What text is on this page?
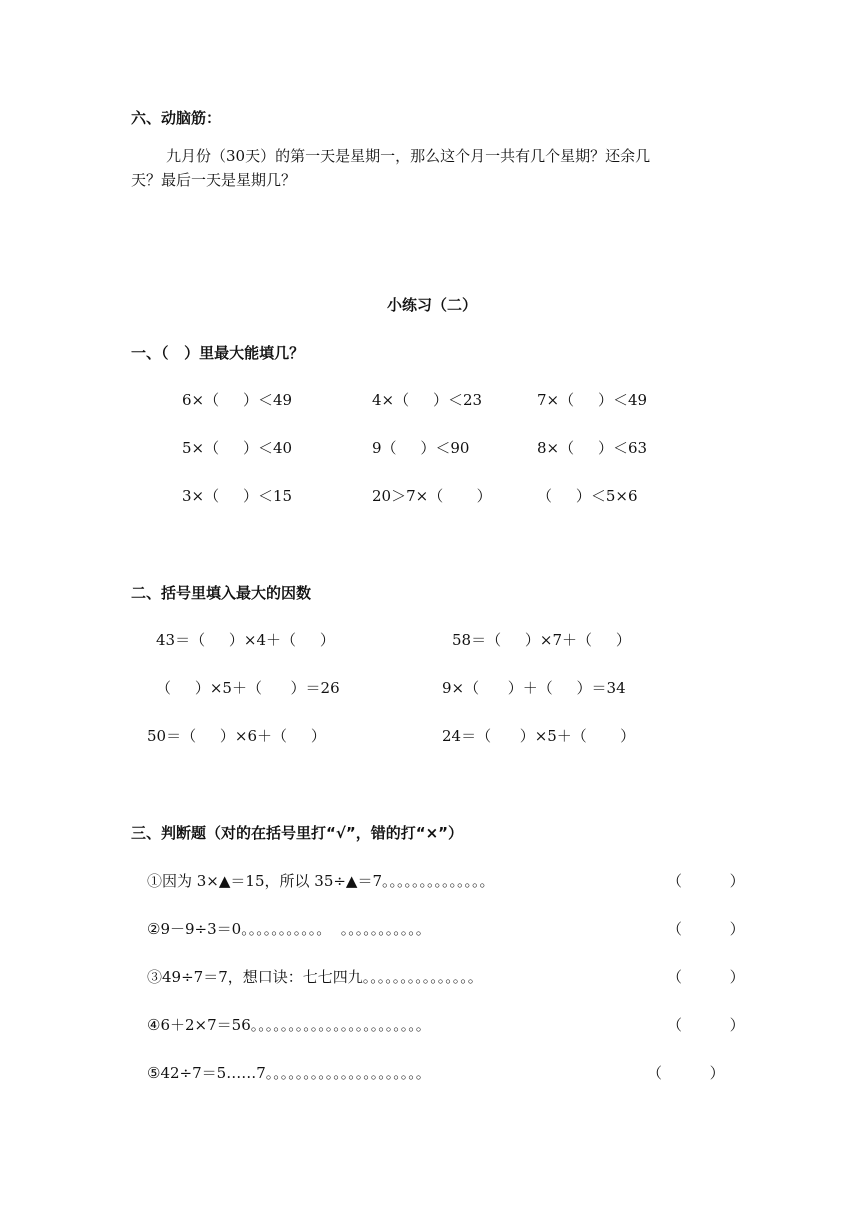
六、动脑筋：
九月份（30天）的第一天是星期一，那么这个月一共有几个星期？还余几
天？最后一天是星期几？
小练习（二）
一、（   ）里最大能填几？
6×（     ）＜49	4×（     ）＜23	7×（     ）＜49
5×（     ）＜40	9（     ）＜90	8×（     ）＜63
3×（     ）＜15	20＞7×（       ）	（     ）＜5×6
二、括号里填入最大的因数
43＝（     ）×4＋（     ）	58＝（     ）×7＋（     ）
（     ）×5＋（      ）＝26	9×（      ）＋（     ）＝34
50＝（     ）×6＋（     ）	24＝（      ）×5＋（       ）
三、判断题（对的在括号里打“√”，错的打“×”）
①因为 3×▲＝15，所以 35÷▲＝7。。。。。。。。。。。。。。	（          ）
②9－9÷3＝0。。。。。。。。。。。  。。。。。。。。。。。	（          ）
③49÷7＝7，想口诀：七七四九。。。。。。。。。。。。。。。	（          ）
④6＋2×7＝56。。。。。。。。。。。。。。。。。。。。。。。	（          ）
⑤42÷7＝5……7。。。。。。。。。。。。。。。。。。。。。	（          ）
